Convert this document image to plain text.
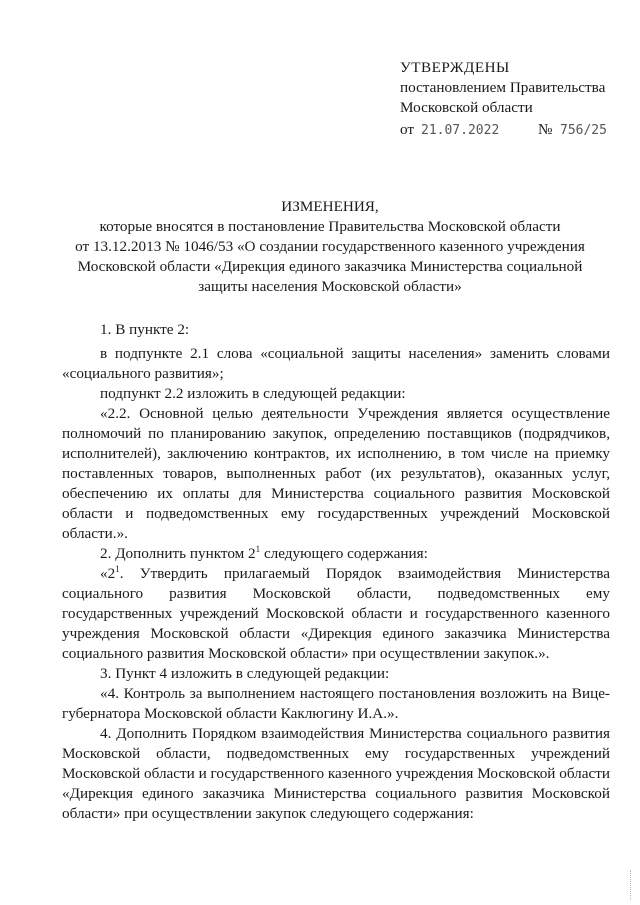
УТВЕРЖДЕНЫ
постановлением Правительства
Московской области
от 21.07.2022	№ 756/25
ИЗМЕНЕНИЯ,
которые вносятся в постановление Правительства Московской области
от 13.12.2013 № 1046/53 «О создании государственного казенного учреждения
Московской области «Дирекция единого заказчика Министерства социальной
защиты населения Московской области»

1. В пункте 2:

в подпункте 2.1 слова «социальной защиты населения» заменить словами «социального развития»;

подпункт 2.2 изложить в следующей редакции:

«2.2. Основной целью деятельности Учреждения является осуществление полномочий по планированию закупок, определению поставщиков (подрядчиков, исполнителей), заключению контрактов, их исполнению, в том числе на приемку поставленных товаров, выполненных работ (их результатов), оказанных услуг, обеспечению их оплаты для Министерства социального развития Московской области и подведомственных ему государственных учреждений Московской области.».

2. Дополнить пунктом $2^1$ следующего содержания:

«$2^1$. Утвердить прилагаемый Порядок взаимодействия Министерства социального развития Московской области, подведомственных ему государственных учреждений Московской области и государственного казенного учреждения Московской области «Дирекция единого заказчика Министерства социального развития Московской области» при осуществлении закупок.».

3. Пункт 4 изложить в следующей редакции:

«4. Контроль за выполнением настоящего постановления возложить на Вице-губернатора Московской области Каклюгину И.А.».

4. Дополнить Порядком взаимодействия Министерства социального развития Московской области, подведомственных ему государственных учреждений Московской области и государственного казенного учреждения Московской области «Дирекция единого заказчика Министерства социального развития Московской области» при осуществлении закупок следующего содержания:
